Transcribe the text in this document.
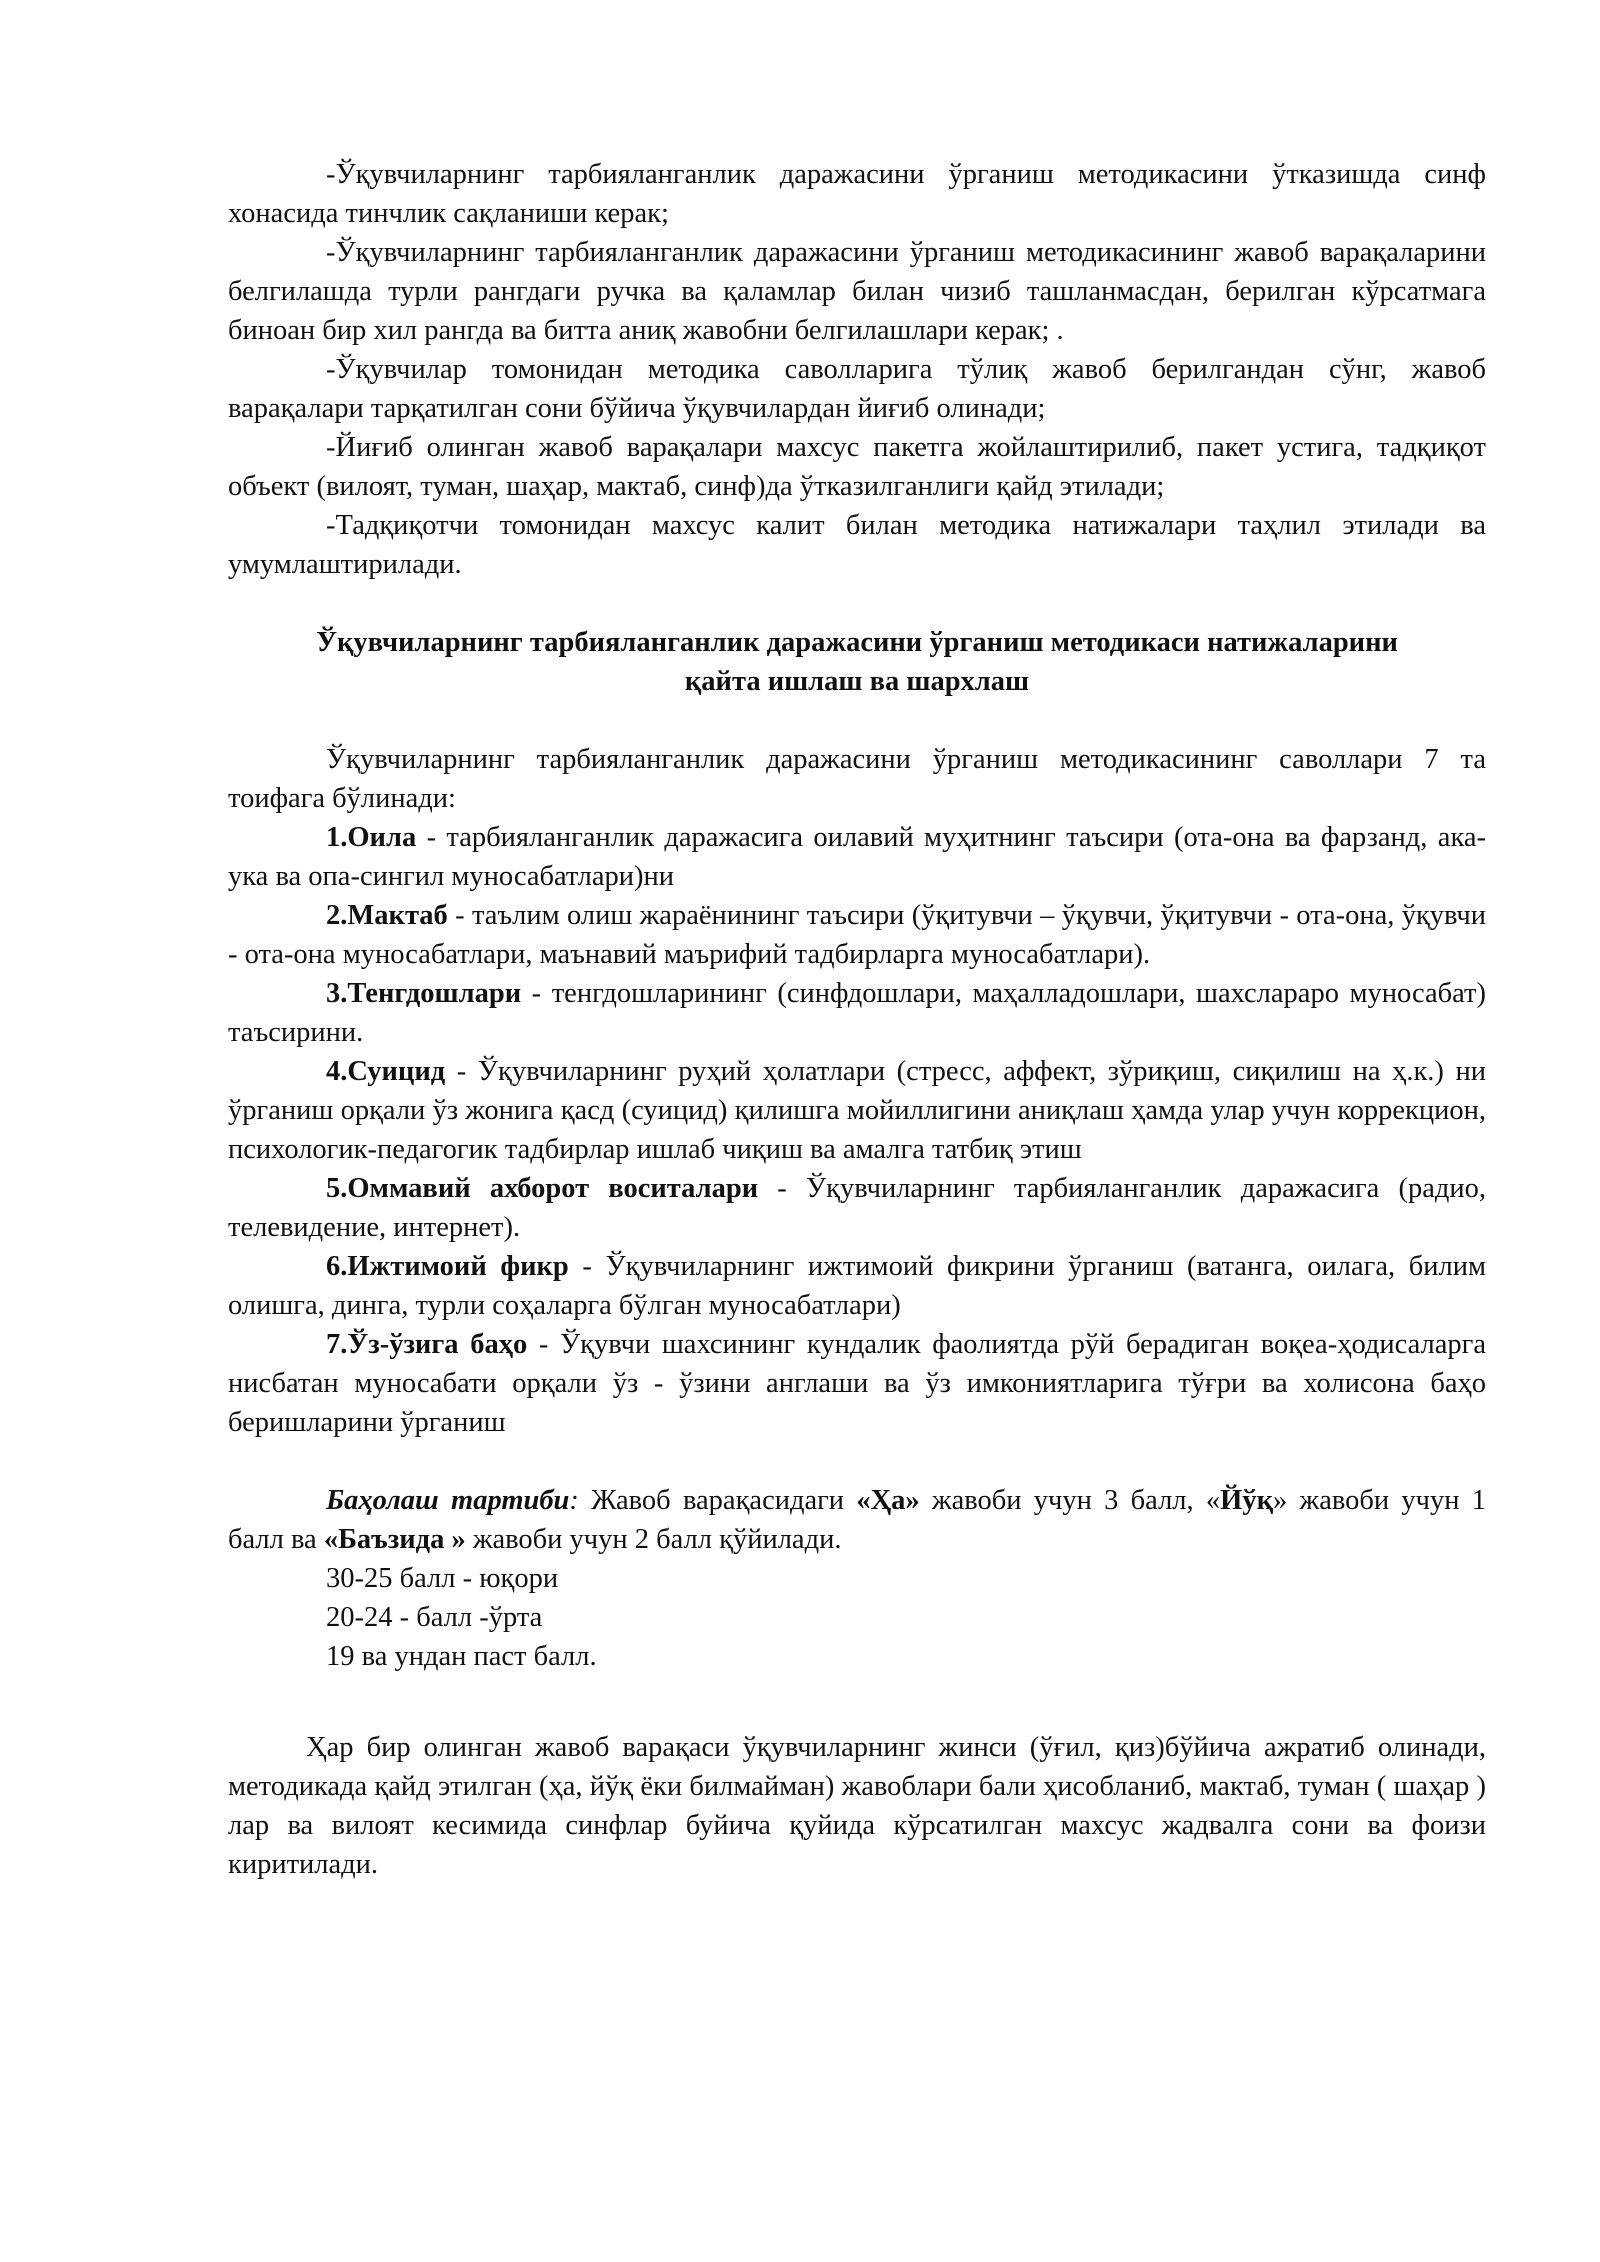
-Ўқувчиларнинг тарбияланганлик даражасини ўрганиш методикасини ўтказишда синф хонасида тинчлик сақланиши керак;

-Ўқувчиларнинг тарбияланганлик даражасини ўрганиш методикасининг жавоб варақаларини белгилашда турли рангдаги ручка ва қаламлар билан чизиб ташланмасдан, берилган кўрсатмага биноан бир хил рангда ва битта аниқ жавобни белгилашлари керак; .

-Ўқувчилар томонидан методика саволларига тўлиқ жавоб берилгандан сўнг, жавоб варақалари тарқатилган сони бўйича ўқувчилардан йиғиб олинади;

-Йиғиб олинган жавоб варақалари махсус пакетга жойлаштирилиб, пакет устига, тадқиқот объект (вилоят, туман, шаҳар, мактаб, синф)да ўтказилганлиги қайд этилади;

-Тадқиқотчи томонидан махсус калит билан методика натижалари таҳлил этилади ва умумлаштирилади.

Ўқувчиларнинг тарбияланганлик даражасини ўрганиш методикаси натижаларини
қайта ишлаш ва шархлаш

Ўқувчиларнинг тарбияланганлик даражасини ўрганиш методикасининг саволлари 7 та тоифага бўлинади:

1.Оила - тарбияланганлик даражасига оилавий муҳитнинг таъсири (ота-она ва фарзанд, ака-ука ва опа-сингил муносабатлари)ни

2.Мактаб - таълим олиш жараёнининг таъсири (ўқитувчи – ўқувчи, ўқитувчи - ота-она, ўқувчи - ота-она муносабатлари, маънавий маърифий тадбирларга муносабатлари).

3.Тенгдошлари - тенгдошларининг (синфдошлари, маҳалладошлари, шахсларaро муносабат) таъсирини.

4.Суицид - Ўқувчиларнинг руҳий ҳолатлари (стресс, аффект, зўриқиш, сиқилиш на ҳ.к.) ни ўрганиш орқали ўз жонига қасд (суицид) қилишга мойиллигини аниқлаш ҳамда улар учун коррекцион, психологик-педагогик тадбирлар ишлаб чиқиш ва амалга татбиқ этиш

5.Оммавий ахборот воситалари - Ўқувчиларнинг тарбияланганлик даражасига (радио, телевидение, интернет).

6.Ижтимоий фикр - Ўқувчиларнинг ижтимоий фикрини ўрганиш (ватанга, оилага, билим олишга, динга, турли соҳаларга бўлган муносабатлари)

7.Ўз-ўзига баҳо - Ўқувчи шахсининг кундалик фаолиятда рўй берадиган воқеа-ҳодисаларга нисбатан муносабати орқали ўз - ўзини англаши ва ўз имкониятларига тўғри ва холисона баҳо беришларини ўрганиш

Баҳолаш тартиби: Жавоб варақасидаги «Ҳа» жавоби учун 3 балл, «Йўқ» жавоби учун 1 балл ва «Баъзида » жавоби учун 2 балл қўйилади.

30-25 балл - юқори

20-24 - балл -ўрта

19 ва ундан паст балл.

Ҳар бир олинган жавоб варақаси ўқувчиларнинг жинси (ўғил, қиз)бўйича ажратиб олинади, методикада қайд этилган (ҳа, йўқ ёки билмайман) жавоблари бали ҳисобланиб, мактаб, туман ( шаҳар ) лар ва вилоят кесимида синфлар буйича қуйида кўрсатилган махсус жадвалга сони ва фоизи киритилади.
